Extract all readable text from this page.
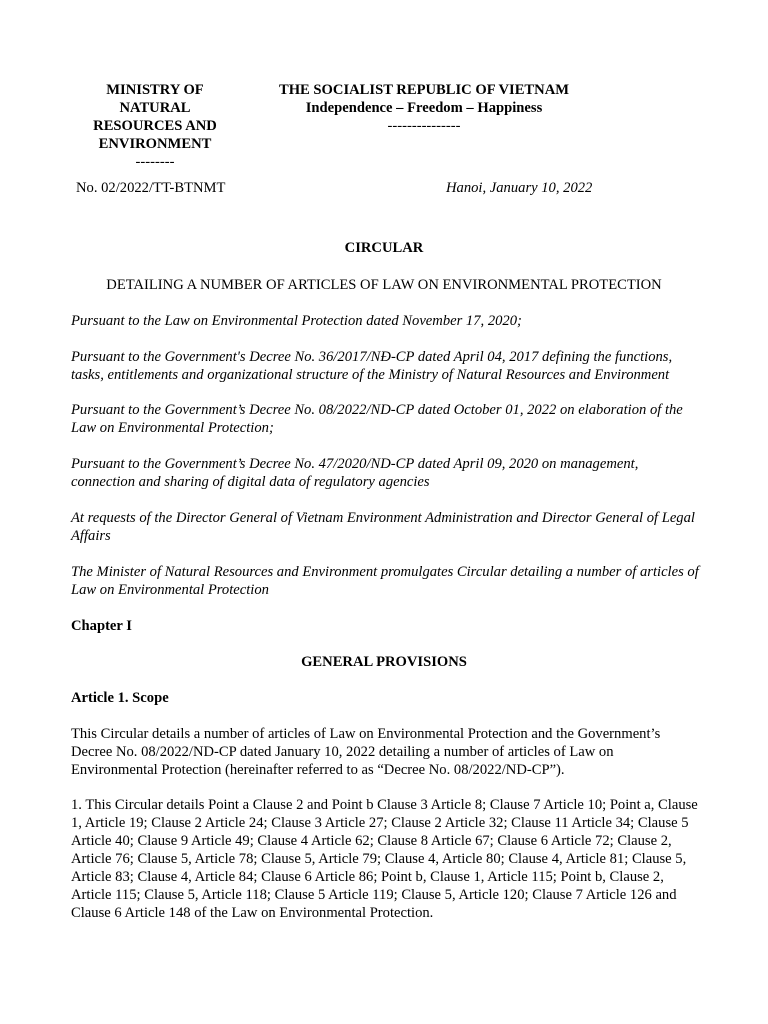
MINISTRY OF
NATURAL
RESOURCES AND
ENVIRONMENT
--------
THE SOCIALIST REPUBLIC OF VIETNAM
Independence – Freedom – Happiness
---------------
No. 02/2022/TT-BTNMT	Hanoi, January 10, 2022
CIRCULAR
DETAILING A NUMBER OF ARTICLES OF LAW ON ENVIRONMENTAL PROTECTION
Pursuant to the Law on Environmental Protection dated November 17, 2020;
Pursuant to the Government's Decree No. 36/2017/NĐ-CP dated April 04, 2017 defining the functions, tasks, entitlements and organizational structure of the Ministry of Natural Resources and Environment
Pursuant to the Government’s Decree No. 08/2022/ND-CP dated October 01, 2022 on elaboration of the Law on Environmental Protection;
Pursuant to the Government’s Decree No. 47/2020/ND-CP dated April 09, 2020 on management, connection and sharing of digital data of regulatory agencies
At requests of the Director General of Vietnam Environment Administration and Director General of Legal Affairs
The Minister of Natural Resources and Environment promulgates Circular detailing a number of articles of Law on Environmental Protection
Chapter I
GENERAL PROVISIONS
Article 1. Scope
This Circular details a number of articles of Law on Environmental Protection and the Government’s Decree No. 08/2022/ND-CP dated January 10, 2022 detailing a number of articles of Law on Environmental Protection (hereinafter referred to as “Decree No. 08/2022/ND-CP”).
1. This Circular details Point a Clause 2 and Point b Clause 3 Article 8; Clause 7 Article 10; Point a, Clause 1, Article 19; Clause 2 Article 24; Clause 3 Article 27; Clause 2 Article 32; Clause 11 Article 34; Clause 5 Article 40; Clause 9 Article 49; Clause 4 Article 62; Clause 8 Article 67; Clause 6 Article 72; Clause 2, Article 76; Clause 5, Article 78; Clause 5, Article 79; Clause 4, Article 80; Clause 4, Article 81; Clause 5, Article 83; Clause 4, Article 84; Clause 6 Article 86; Point b, Clause 1, Article 115; Point b, Clause 2, Article 115; Clause 5, Article 118; Clause 5 Article 119; Clause 5, Article 120; Clause 7 Article 126 and Clause 6 Article 148 of the Law on Environmental Protection.
